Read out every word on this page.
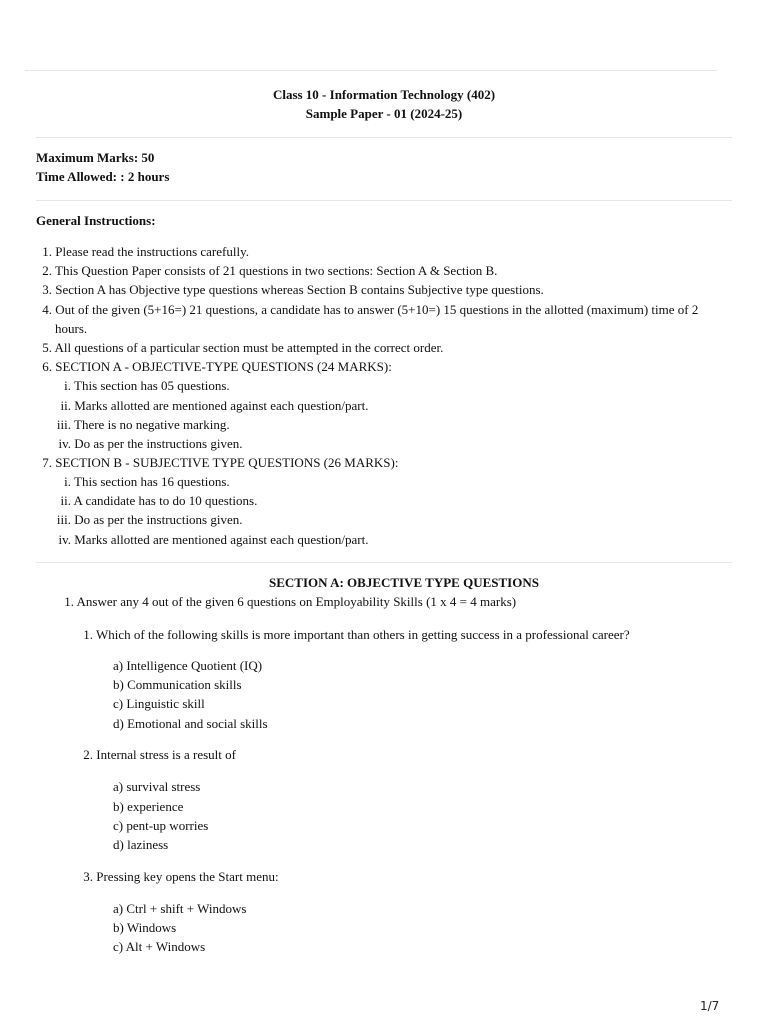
Class 10 - Information Technology (402)
Sample Paper - 01 (2024-25)
Maximum Marks: 50
Time Allowed: : 2 hours
General Instructions:
1. Please read the instructions carefully.
2. This Question Paper consists of 21 questions in two sections: Section A & Section B.
3. Section A has Objective type questions whereas Section B contains Subjective type questions.
4. Out of the given (5+16=) 21 questions, a candidate has to answer (5+10=) 15 questions in the allotted (maximum) time of 2
hours.
5. All questions of a particular section must be attempted in the correct order.
6. SECTION A - OBJECTIVE-TYPE QUESTIONS (24 MARKS):
i. This section has 05 questions.
ii. Marks allotted are mentioned against each question/part.
iii. There is no negative marking.
iv. Do as per the instructions given.
7. SECTION B - SUBJECTIVE TYPE QUESTIONS (26 MARKS):
i. This section has 16 questions.
ii. A candidate has to do 10 questions.
iii. Do as per the instructions given.
iv. Marks allotted are mentioned against each question/part.
SECTION A: OBJECTIVE TYPE QUESTIONS
1. Answer any 4 out of the given 6 questions on Employability Skills (1 x 4 = 4 marks)
1. Which of the following skills is more important than others in getting success in a professional career?
a) Intelligence Quotient (IQ)
b) Communication skills
c) Linguistic skill
d) Emotional and social skills
2. Internal stress is a result of
a) survival stress
b) experience
c) pent-up worries
d) laziness
3. Pressing key opens the Start menu:
a) Ctrl + shift + Windows
b) Windows
c) Alt + Windows
1/7
